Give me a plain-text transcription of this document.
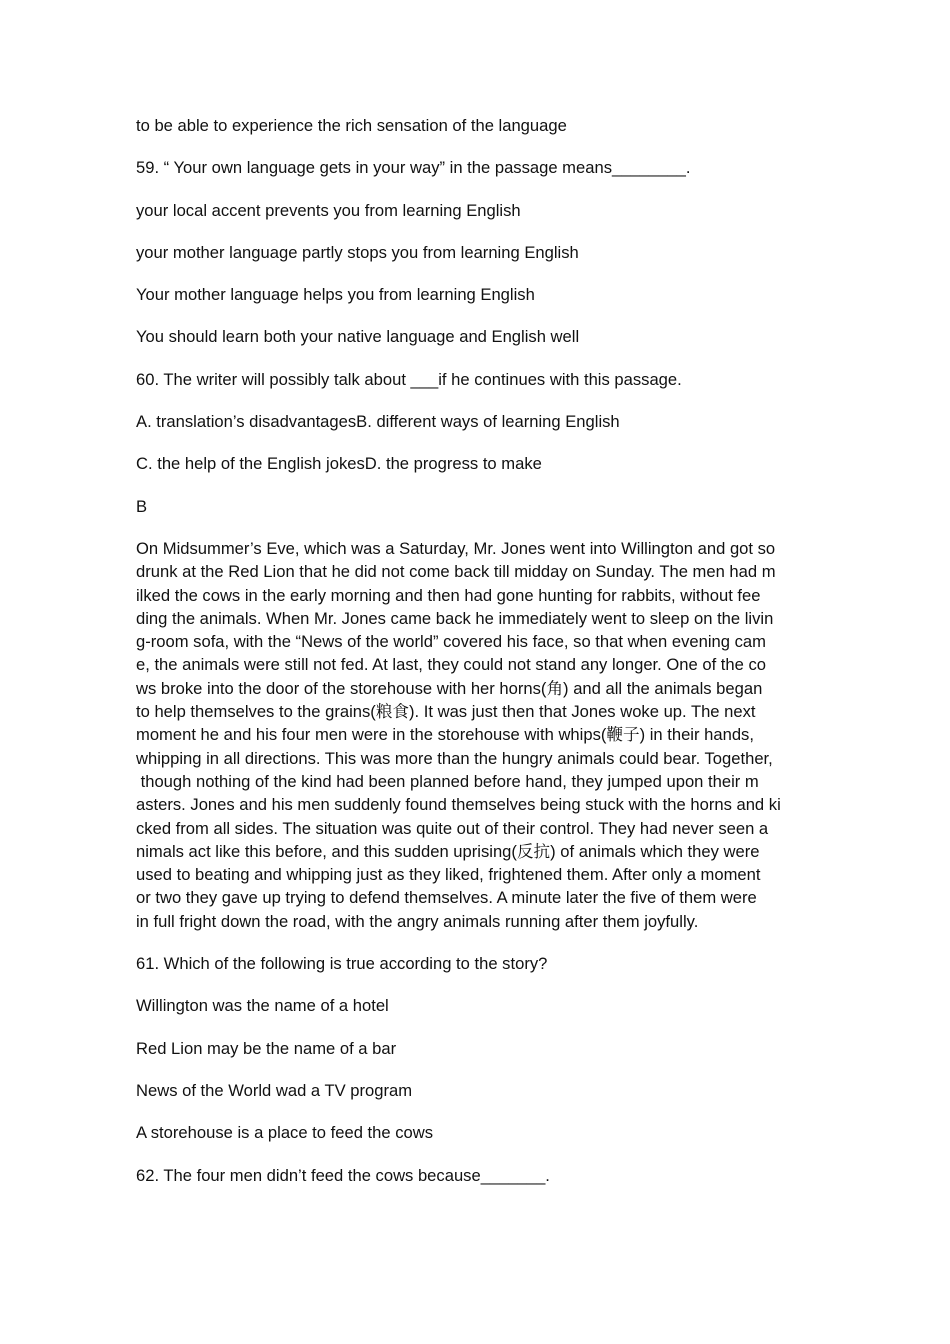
to be able to experience the rich sensation of the language

59. “ Your own language gets in your way” in the passage means________.

your local accent prevents you from learning English

your mother language partly stops you from learning English

Your mother language helps you from learning English

You should learn both your native language and English well

60. The writer will possibly talk about ___if he continues with this passage.

A. translation’s disadvantagesB. different ways of learning English

C. the help of the English jokesD. the progress to make

B

On Midsummer’s Eve, which was a Saturday, Mr. Jones went into Willington and got so
drunk at the Red Lion that he did not come back till midday on Sunday. The men had m
ilked the cows in the early morning and then had gone hunting for rabbits, without fee
ding the animals. When Mr. Jones came back he immediately went to sleep on the livin
g-room sofa, with the “News of the world” covered his face, so that when evening cam
e, the animals were still not fed. At last, they could not stand any longer. One of the co
ws broke into the door of the storehouse with her horns(角) and all the animals began
to help themselves to the grains(粮食). It was just then that Jones woke up. The next
moment he and his four men were in the storehouse with whips(鞭子) in their hands,
whipping in all directions. This was more than the hungry animals could bear. Together,
though nothing of the kind had been planned before hand, they jumped upon their m
asters. Jones and his men suddenly found themselves being stuck with the horns and ki
cked from all sides. The situation was quite out of their control. They had never seen a
nimals act like this before, and this sudden uprising(反抗) of animals which they were
used to beating and whipping just as they liked, frightened them. After only a moment
or two they gave up trying to defend themselves. A minute later the five of them were
in full fright down the road, with the angry animals running after them joyfully.

61. Which of the following is true according to the story?

Willington was the name of a hotel

Red Lion may be the name of a bar

News of the World wad a TV program

A storehouse is a place to feed the cows

62. The four men didn’t feed the cows because_______.
